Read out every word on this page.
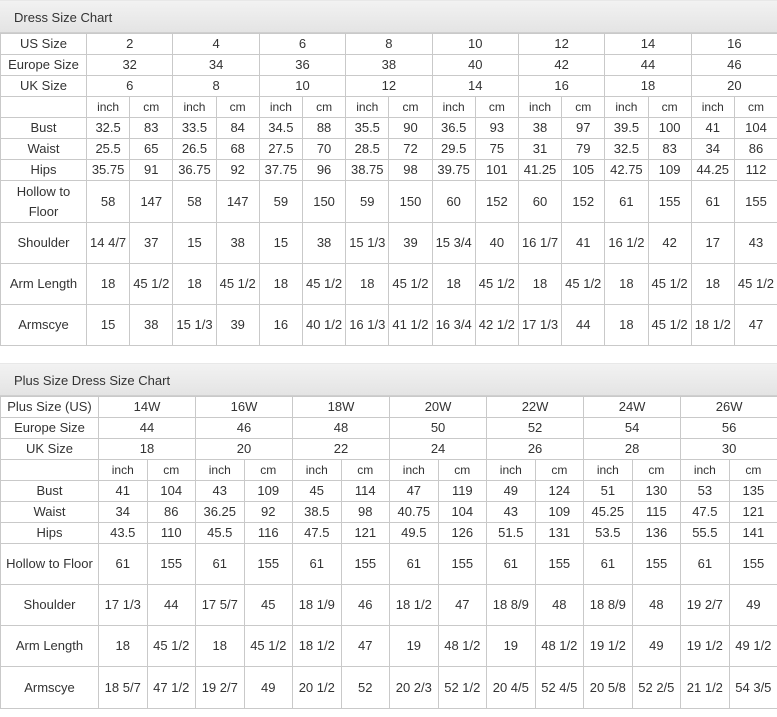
Dress Size Chart
US Size	2		4		6		8		10		12		14		16	
Europe Size	32		34		36		38		40		42		44		46	
UK Size	6		8		10		12		14		16		18		20	
	inch	cm	inch	cm	inch	cm	inch	cm	inch	cm	inch	cm	inch	cm	inch	cm
Bust	32.5	83	33.5	84	34.5	88	35.5	90	36.5	93	38	97	39.5	100	41	104
Waist	25.5	65	26.5	68	27.5	70	28.5	72	29.5	75	31	79	32.5	83	34	86
Hips	35.75	91	36.75	92	37.75	96	38.75	98	39.75	101	41.25	105	42.75	109	44.25	112
Hollow to Floor	58	147	58	147	59	150	59	150	60	152	60	152	61	155	61	155
Shoulder	14 4/7	37	15	38	15	38	15 1/3	39	15 3/4	40	16 1/7	41	16 1/2	42	17	43
Arm Length	18	45 1/2	18	45 1/2	18	45 1/2	18	45 1/2	18	45 1/2	18	45 1/2	18	45 1/2	18	45 1/2
Armscye	15	38	15 1/3	39	16	40 1/2	16 1/3	41 1/2	16 3/4	42 1/2	17 1/3	44	18	45 1/2	18 1/2	47
Plus Size Dress Size Chart
Plus Size (US)	14W		16W		18W		20W		22W		24W		26W	
Europe Size	44		46		48		50		52		54		56	
UK Size	18		20		22		24		26		28		30	
	inch	cm	inch	cm	inch	cm	inch	cm	inch	cm	inch	cm	inch	cm
Bust	41	104	43	109	45	114	47	119	49	124	51	130	53	135
Waist	34	86	36.25	92	38.5	98	40.75	104	43	109	45.25	115	47.5	121
Hips	43.5	110	45.5	116	47.5	121	49.5	126	51.5	131	53.5	136	55.5	141
Hollow to Floor	61	155	61	155	61	155	61	155	61	155	61	155	61	155
Shoulder	17 1/3	44	17 5/7	45	18 1/9	46	18 1/2	47	18 8/9	48	18 8/9	48	19 2/7	49
Arm Length	18	45 1/2	18	45 1/2	18 1/2	47	19	48 1/2	19	48 1/2	19 1/2	49	19 1/2	49 1/2
Armscye	18 5/7	47 1/2	19 2/7	49	20 1/2	52	20 2/3	52 1/2	20 4/5	52 4/5	20 5/8	52 2/5	21 1/2	54 3/5
